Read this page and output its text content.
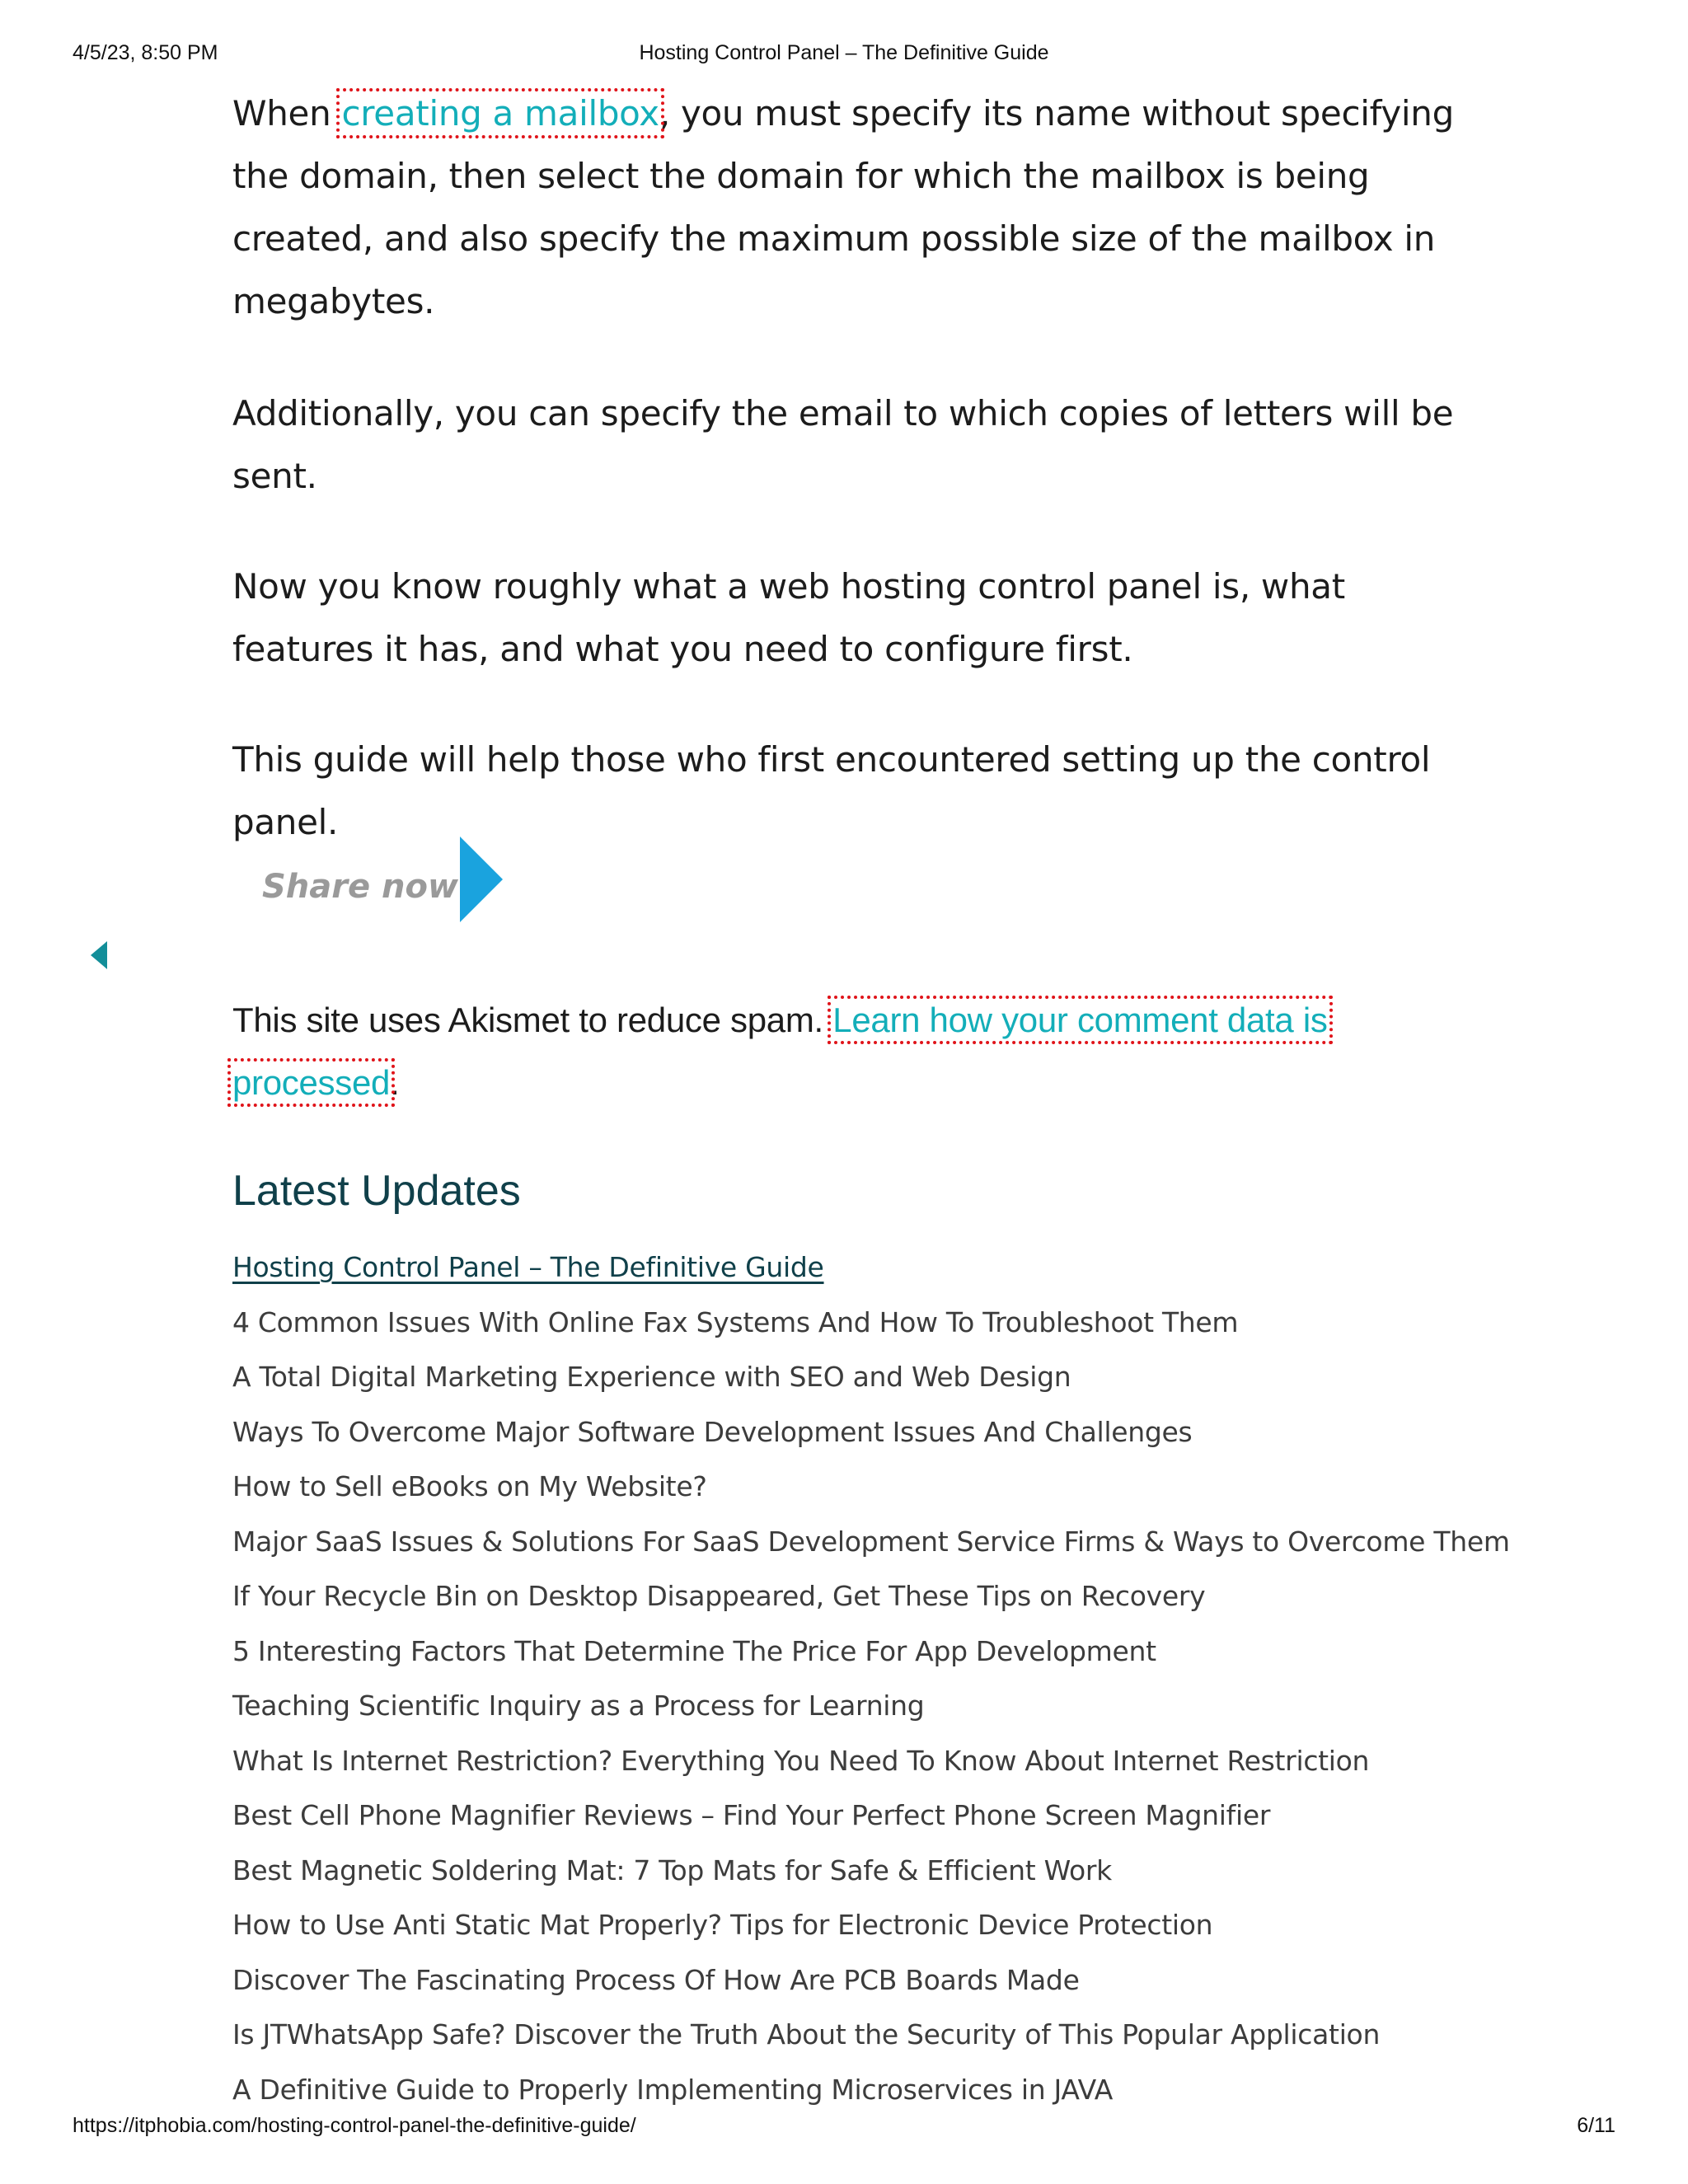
4/5/23, 8:50 PM	Hosting Control Panel – The Definitive Guide

When creating a mailbox, you must specify its name without specifying the domain, then select the domain for which the mailbox is being created, and also specify the maximum possible size of the mailbox in megabytes.

Additionally, you can specify the email to which copies of letters will be sent.

Now you know roughly what a web hosting control panel is, what features it has, and what you need to configure first.

This guide will help those who first encountered setting up the control panel.

Share now!

This site uses Akismet to reduce spam. Learn how your comment data is processed.

Latest Updates
Hosting Control Panel – The Definitive Guide
4 Common Issues With Online Fax Systems And How To Troubleshoot Them
A Total Digital Marketing Experience with SEO and Web Design
Ways To Overcome Major Software Development Issues And Challenges
How to Sell eBooks on My Website?
Major SaaS Issues & Solutions For SaaS Development Service Firms & Ways to Overcome Them
If Your Recycle Bin on Desktop Disappeared, Get These Tips on Recovery
5 Interesting Factors That Determine The Price For App Development
Teaching Scientific Inquiry as a Process for Learning
What Is Internet Restriction? Everything You Need To Know About Internet Restriction
Best Cell Phone Magnifier Reviews – Find Your Perfect Phone Screen Magnifier
Best Magnetic Soldering Mat: 7 Top Mats for Safe & Efficient Work
How to Use Anti Static Mat Properly? Tips for Electronic Device Protection
Discover The Fascinating Process Of How Are PCB Boards Made
Is JTWhatsApp Safe? Discover the Truth About the Security of This Popular Application
A Definitive Guide to Properly Implementing Microservices in JAVA
https://itphobia.com/hosting-control-panel-the-definitive-guide/	6/11
